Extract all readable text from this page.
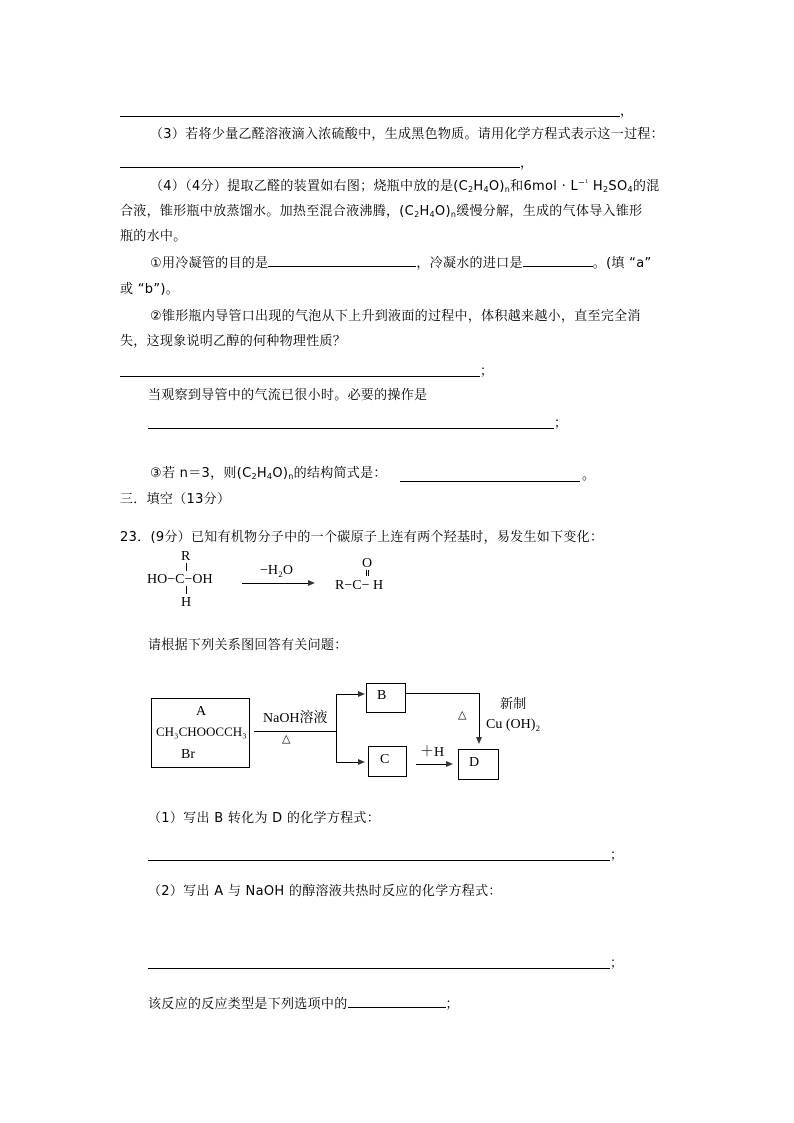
，
（3）若将少量乙醛溶液滴入浓硫酸中，生成黑色物质。请用化学方程式表示这一过程：
，
（4）（4分）提取乙醛的装置如右图；烧瓶中放的是$(C_2H_4O)_n$和$6mol \cdot L^{-^1}$ $H_2SO_4$的混
合液，锥形瓶中放蒸馏水。加热至混合液沸腾，$(C_2H_4O)_n$缓慢分解，生成的气体导入锥形
瓶的水中。
①用冷凝管的目的是	，冷凝水的进口是	。(填 “a”
或 “b”)。
②锥形瓶内导管口出现的气泡从下上升到液面的过程中，体积越来越小，直至完全消
失，这现象说明乙醇的何种物理性质？
；
当观察到导管中的气流已很小时。必要的操作是
；
③若 n＝3，则$(C_2H_4O)_n$的结构简式是：	。
三．填空（13分）
23．(9分）已知有机物分子中的一个碳原子上连有两个羟基时，易发生如下变化：
R
HO−C−OH
H
−H₂O	O
R−C− H
请根据下列关系图回答有关问题：
A
CH₃CHOOCCH₃
Br
NaOH溶液
△
B
△
新制
Cu (OH)₂
C ＋H
D
（1）写出 B 转化为 D 的化学方程式：
；
（2）写出 A 与 NaOH 的醇溶液共热时反应的化学方程式：
；
该反应的反应类型是下列选项中的	；
